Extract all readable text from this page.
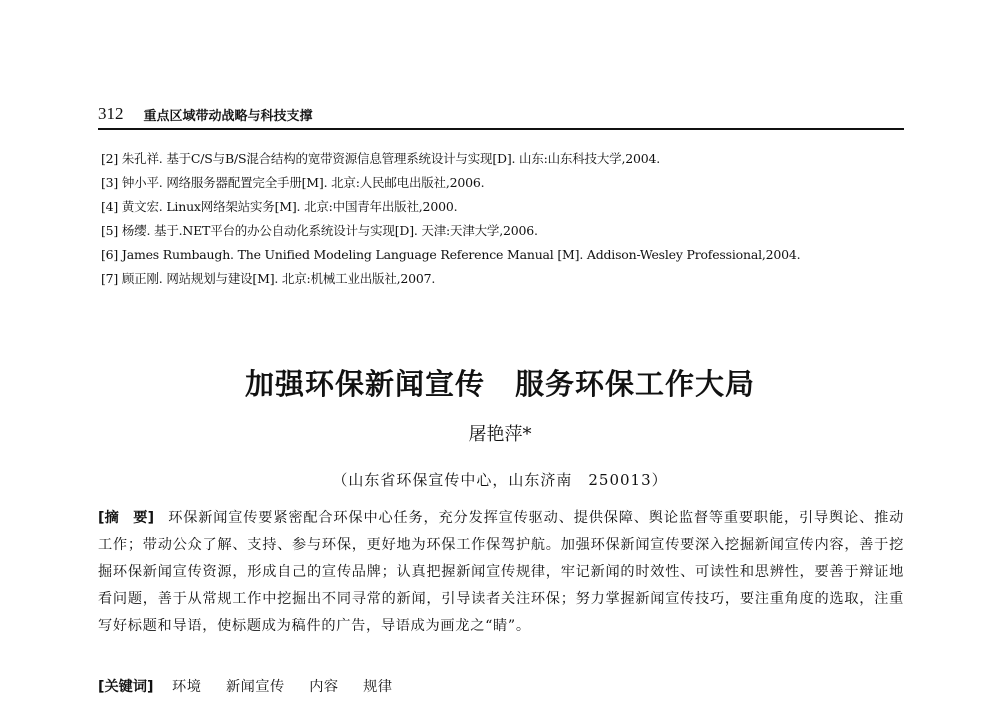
312 重点区域带动战略与科技支撑
[2] 朱孔祥. 基于C/S与B/S混合结构的宽带资源信息管理系统设计与实现[D]. 山东:山东科技大学,2004.
[3] 钟小平. 网络服务器配置完全手册[M]. 北京:人民邮电出版社,2006.
[4] 黄文宏. Linux网络架站实务[M]. 北京:中国青年出版社,2000.
[5] 杨缨. 基于.NET平台的办公自动化系统设计与实现[D]. 天津:天津大学,2006.
[6] James Rumbaugh. The Unified Modeling Language Reference Manual [M]. Addison-Wesley Professional,2004.
[7] 顾正刚. 网站规划与建设[M]. 北京:机械工业出版社,2007.
加强环保新闻宣传　服务环保工作大局
屠艳萍*
（山东省环保宣传中心，山东济南　250013）
[摘　要] 环保新闻宣传要紧密配合环保中心任务，充分发挥宣传驱动、提供保障、舆论监督等重要职能，引导舆论、推动工作；带动公众了解、支持、参与环保，更好地为环保工作保驾护航。加强环保新闻宣传要深入挖掘新闻宣传内容，善于挖掘环保新闻宣传资源，形成自己的宣传品牌；认真把握新闻宣传规律，牢记新闻的时效性、可读性和思辨性，要善于辩证地看问题，善于从常规工作中挖掘出不同寻常的新闻，引导读者关注环保；努力掌握新闻宣传技巧，要注重角度的选取，注重写好标题和导语，使标题成为稿件的广告，导语成为画龙之“睛”。
[关键词] 环境 新闻宣传 内容 规律
